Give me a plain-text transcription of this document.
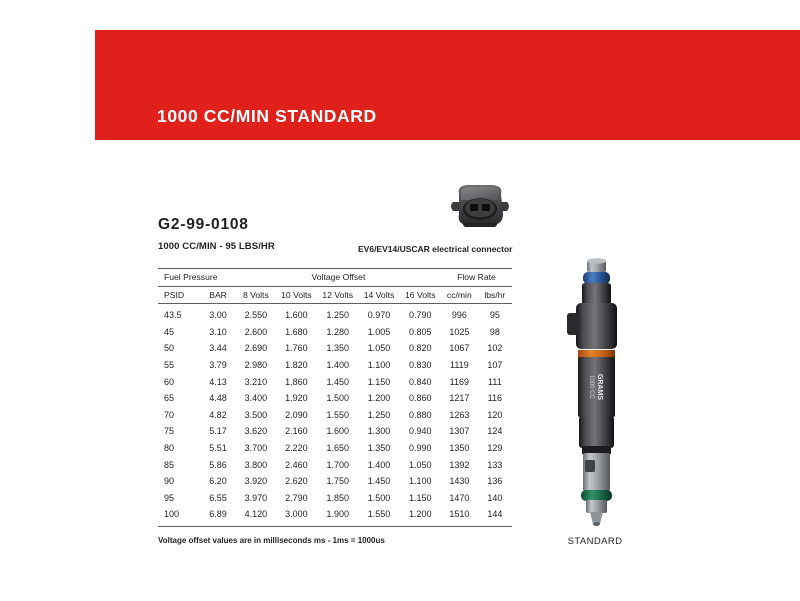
1000 CC/MIN STANDARD
G2-99-0108
1000 CC/MIN - 95 LBS/HR	EV6/EV14/USCAR electrical connector
Fuel Pressure		Voltage Offset					Flow Rate	
PSID	BAR	8 Volts	10 Volts	12 Volts	14 Volts	16 Volts	cc/min	lbs/hr
43.5	3.00	2.550	1.600	1.250	0.970	0.790	996	95
45	3.10	2.600	1.680	1.280	1.005	0.805	1025	98
50	3.44	2.690	1.760	1.350	1.050	0.820	1067	102
55	3.79	2.980	1.820	1.400	1.100	0.830	1119	107
60	4.13	3.210	1.860	1.450	1.150	0.840	1169	111
65	4.48	3.400	1.920	1.500	1.200	0.860	1217	116
70	4.82	3.500	2.090	1.550	1.250	0.880	1263	120
75	5.17	3.620	2.160	1.600	1.300	0.940	1307	124
80	5.51	3.700	2.220	1.650	1.350	0.990	1350	129
85	5.86	3.800	2.460	1.700	1.400	1.050	1392	133
90	6.20	3.920	2.620	1.750	1.450	1.100	1430	136
95	6.55	3.970	2.790	1.850	1.500	1.150	1470	140
100	6.89	4.120	3.000	1.900	1.550	1.200	1510	144
Voltage offset values are in milliseconds ms - 1ms = 1000us
GRAMS
1000 CC
STANDARD
